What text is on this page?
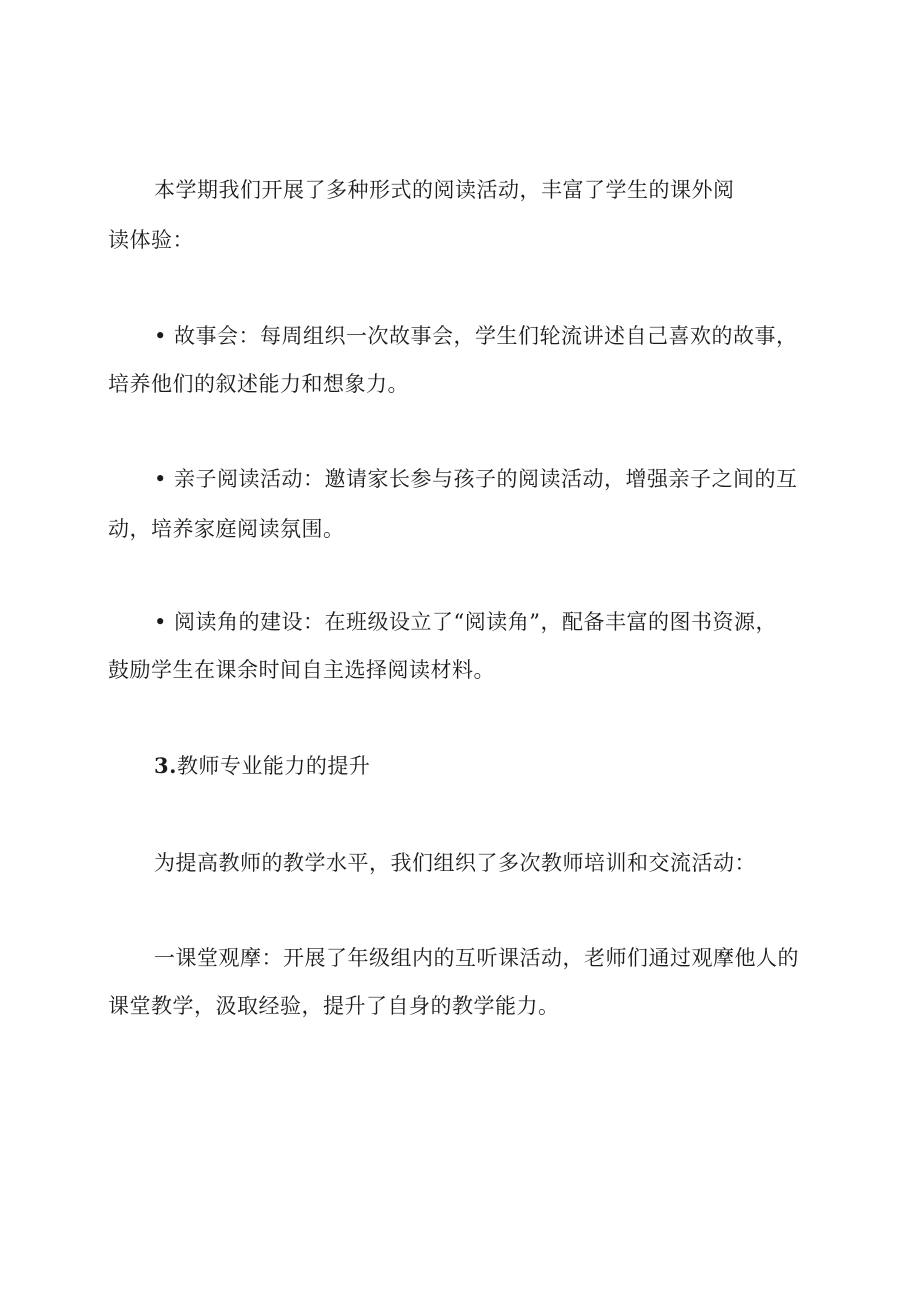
本学期我们开展了多种形式的阅读活动，丰富了学生的课外阅
读体验：
• 故事会：每周组织一次故事会，学生们轮流讲述自己喜欢的故事，
培养他们的叙述能力和想象力。
• 亲子阅读活动：邀请家长参与孩子的阅读活动，增强亲子之间的互
动，培养家庭阅读氛围。
• 阅读角的建设：在班级设立了“阅读角”，配备丰富的图书资源，
鼓励学生在课余时间自主选择阅读材料。
3.教师专业能力的提升
为提高教师的教学水平，我们组织了多次教师培训和交流活动：
一课堂观摩：开展了年级组内的互听课活动，老师们通过观摩他人的
课堂教学，汲取经验，提升了自身的教学能力。
